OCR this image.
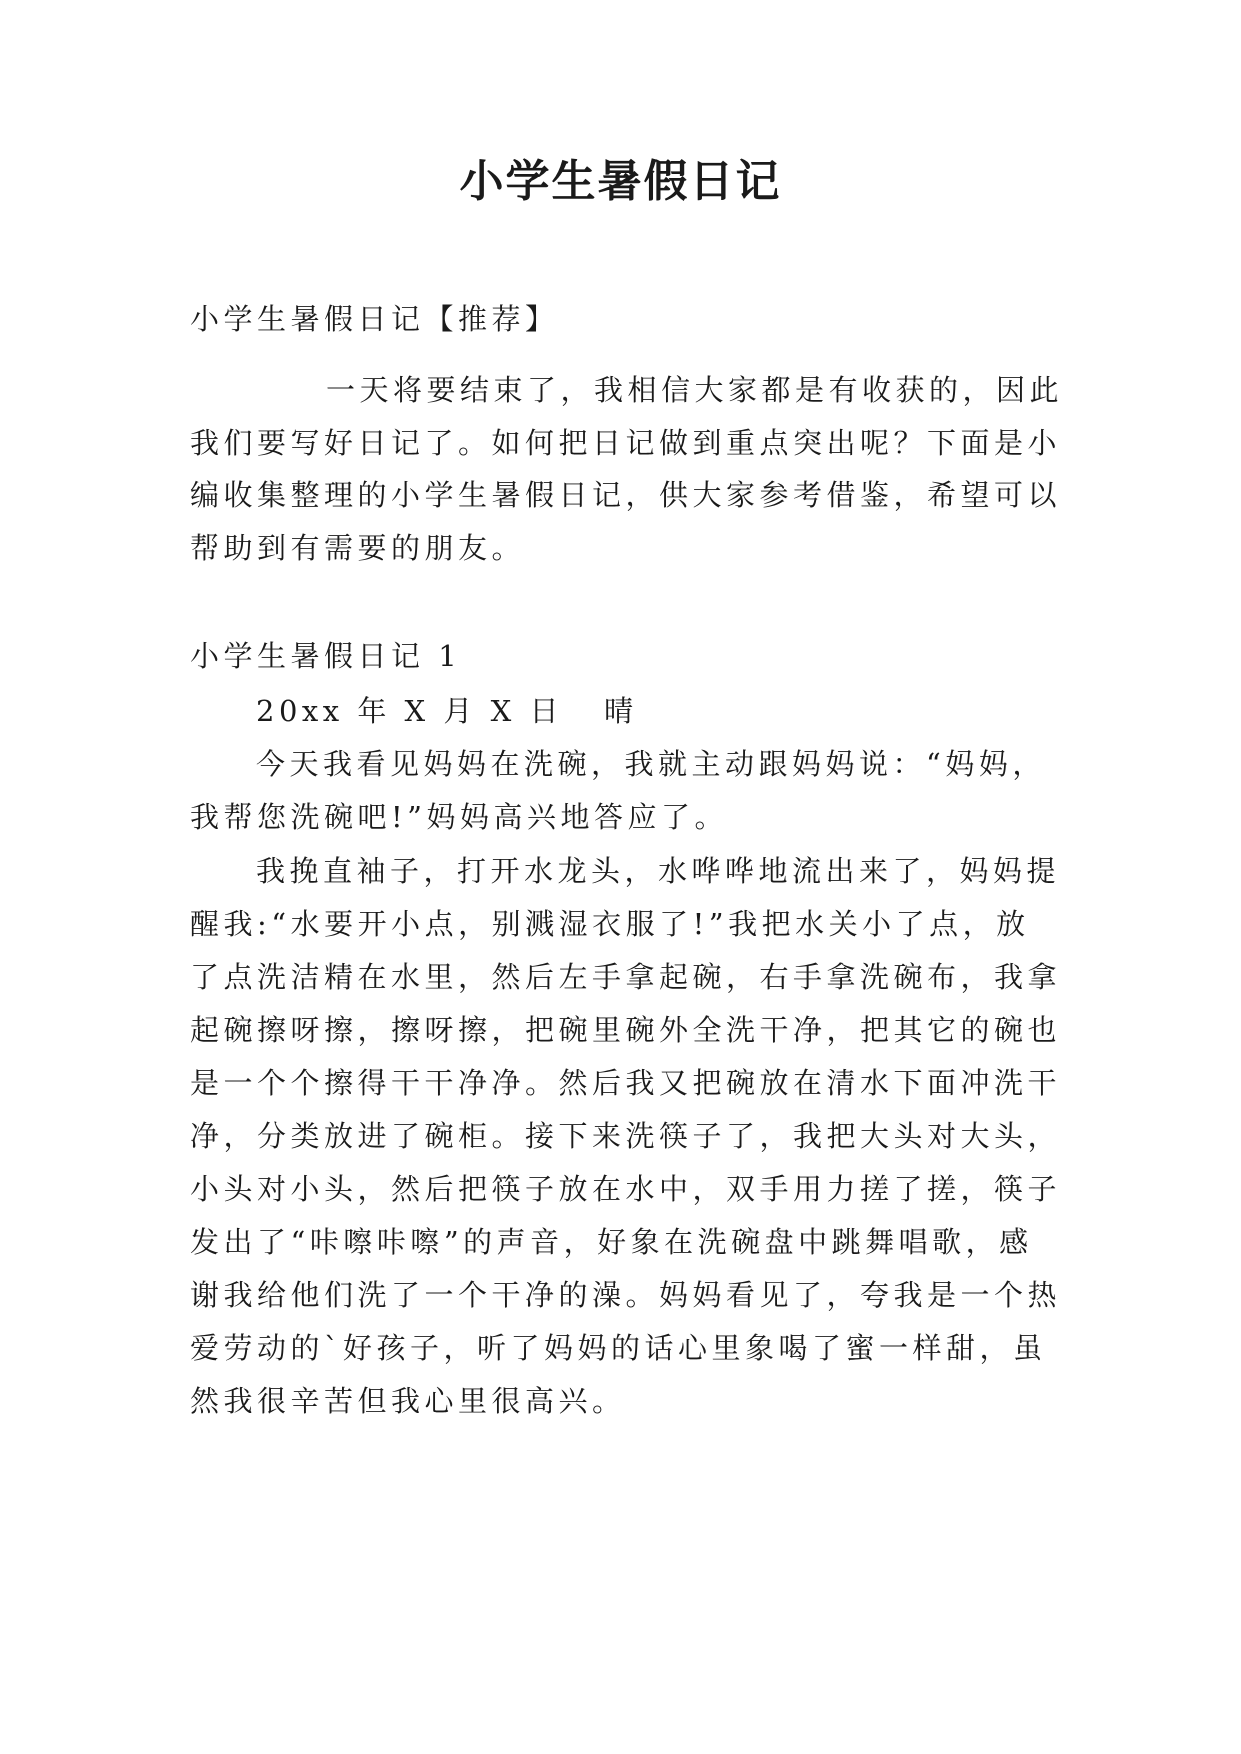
小学生暑假日记

小学生暑假日记【推荐】

一天将要结束了，我相信大家都是有收获的，因此

我们要写好日记了。如何把日记做到重点突出呢？下面是小

编收集整理的小学生暑假日记，供大家参考借鉴，希望可以

帮助到有需要的朋友。

小学生暑假日记 1

20xx 年 X 月 X 日   晴

今天我看见妈妈在洗碗，我就主动跟妈妈说：“妈妈，

我帮您洗碗吧!”妈妈高兴地答应了。

我挽直袖子，打开水龙头，水哗哗地流出来了，妈妈提

醒我:“水要开小点，别溅湿衣服了!”我把水关小了点，放

了点洗洁精在水里，然后左手拿起碗，右手拿洗碗布，我拿

起碗擦呀擦，擦呀擦，把碗里碗外全洗干净，把其它的碗也

是一个个擦得干干净净。然后我又把碗放在清水下面冲洗干

净，分类放进了碗柜。接下来洗筷子了，我把大头对大头，

小头对小头，然后把筷子放在水中，双手用力搓了搓，筷子

发出了“咔嚓咔嚓”的声音，好象在洗碗盘中跳舞唱歌，感

谢我给他们洗了一个干净的澡。妈妈看见了，夸我是一个热

爱劳动的`好孩子，听了妈妈的话心里象喝了蜜一样甜，虽

然我很辛苦但我心里很高兴。
